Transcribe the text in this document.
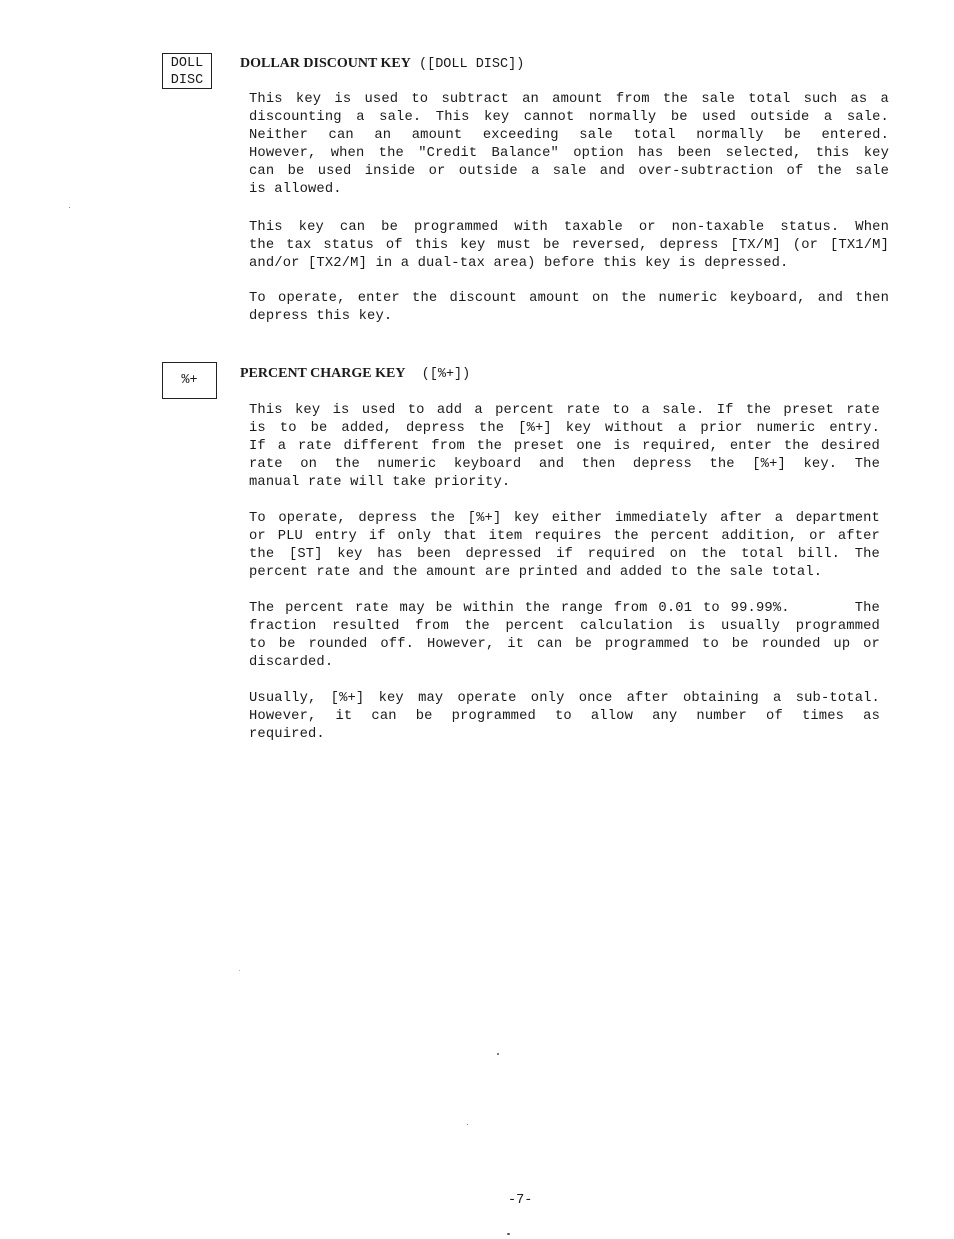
DOLL
DISC
DOLLAR DISCOUNT KEY ([DOLL DISC])
This key is used to subtract an amount from the sale total such as a
discounting a sale. This key cannot normally be used outside a sale.
Neither can an amount exceeding sale total normally be entered.
However, when the "Credit Balance" option has been selected, this key
can be used inside or outside a sale and over-subtraction of the sale
is allowed.
This key can be programmed with taxable or non-taxable status. When
the tax status of this key must be reversed, depress [TX/M] (or [TX1/M]
and/or [TX2/M] in a dual-tax area) before this key is depressed.
To operate, enter the discount amount on the numeric keyboard, and then
depress this key.
%+	PERCENT CHARGE KEY  ([%+])
This key is used to add a percent rate to a sale. If the preset rate
is to be added, depress the [%+] key without a prior numeric entry.
If a rate different from the preset one is required, enter the desired
rate on the numeric keyboard and then depress the [%+] key. The
manual rate will take priority.
To operate, depress the [%+] key either immediately after a department
or PLU entry if only that item requires the percent addition, or after
the [ST] key has been depressed if required on the total bill. The
percent rate and the amount are printed and added to the sale total.
The percent rate may be within the range from 0.01 to 99.99%.      The
fraction resulted from the percent calculation is usually programmed
to be rounded off. However, it can be programmed to be rounded up or
discarded.
Usually, [%+] key may operate only once after obtaining a sub-total.
However, it can be programmed to allow any number of times as
required.
-7-
